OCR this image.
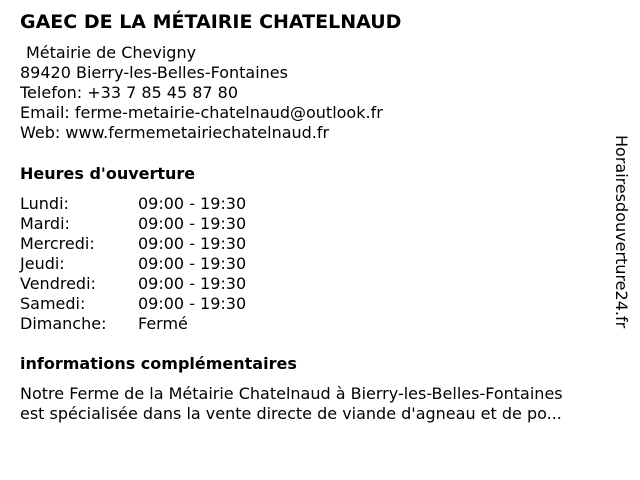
GAEC DE LA MÉTAIRIE CHATELNAUD
Métairie de Chevigny
89420 Bierry-les-Belles-Fontaines
Telefon: +33 7 85 45 87 80
Email: ferme-metairie-chatelnaud@outlook.fr
Web: www.fermemetairiechatelnaud.fr
Heures d'ouverture
Lundi:	09:00 - 19:30
Mardi:	09:00 - 19:30
Mercredi:	09:00 - 19:30
Jeudi:	09:00 - 19:30
Vendredi:	09:00 - 19:30
Samedi:	09:00 - 19:30
Dimanche:	Fermé
informations complémentaires
Notre Ferme de la Métairie Chatelnaud à Bierry-les-Belles-Fontaines
est spécialisée dans la vente directe de viande d'agneau et de po...
Horairesdouverture24.fr
